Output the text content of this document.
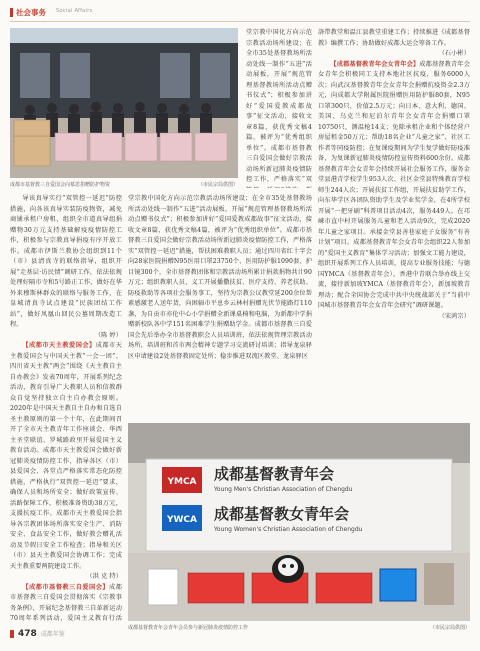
社会事务 Social Affairs
成都市基督教三自爱国会向慕思捐赠防护物资	（市民宗局供图）

导该真导实行“双管控一延迟”防控措施，向各该真导实装防疫物资，减免商铺承租户房租，组织全市道真导组捐赠物30万元支持基础解疫疫情防控工作，积极参与宗教真导捐疫有序开放工作。成都市伊斯兰教协会组织到11个（市）县清真寺的联络指导，组织开展“走基层·访民情”调研工作，依法依规处理好隔市寺和5号路正工作，做好在华外来穆斯林群众的联络与服务工作，在皇城清真寺试点建设“民族团结工作站”，做好凤凰山回民公墓周期改造工程。

（陈 婷）

【成都市天主教爱国会】成都市天主教爱国会与中国天主教“一会一团”、四川省天主教“两会”围绕《天主教自主自办教会》发表70周年，开展系列纪念活动，教育引导广大教职人员和信教群众自觉坚持独立自主自办教会原则。2020年是中国天主教自主自办和自选自圣主教原则的第一个十年，在此期间召开了全市天主教青年工作座谈会、华西主圣堂联谊、罗城路政里开展爱国主义教育活动。成都市天主教爱国会做好新冠肺炎疫情防控工作，指导各区（市）县爱国会、各堂点严格落实常态化防控措施，严格执行“双管控一延迟”要求，确保人员和场所安全；做好政策宣传、活路保障工作，积极准备资助38万元，支援抗疫工作。成都市天主教爱国会指导各宗教团体场所落实安全生产、消防安全、食品安全工作，做好教会赠礼活动及节假日安全工作检查；指导和关区（市）县天主教爱国会协调工作；完成天主教重要两院建设工作。

（洪 克 特）

【成都市基督教三自爱国会】成都市基督教三自爱国会贯彻落实《宗教事务条例》，开展纪念基督教三自革新运动70周年系列活动，爱国主义教育行活

堂宗教中国化方向示范宗教活动场所建设；在全市35处基督教场所活动处线一制作“五进”活动展板，开展“规范管理基督教场所活动点赠书仪式”；积极参加讲好“爱国爱教成都故事”征文活动，接收文章8篇，获优秀文稿4篇，被评为“优秀组织单位”。成都市基督教三自爱国会做好宗教活动场所新冠肺炎疫情防控工作，严格落实“双

堂宗教中国化方向示范宗教活动场所建设；在全市35处基督教场所活动处线一制作“五进”活动展板，开展“规范管理基督教场所活动点赠书仪式”；积极参加讲好“爱国爱教成都故事”征文活动，接收文章8篇，获优秀文稿4篇，被评为“优秀组织单位”。成都市基督教三自爱国会做好宗教活动场所新冠肺炎疫情防控工作，严格落实“双管控一延迟”措施，帮扶困难教职人员；通过四川省红十字会向28家医院捐赠N95医用口罩23750个、医用防护服1090套、护目镜300个，全市基督教团体和宗教活动场所累计捐款捐物共计90万元；组织教职人员、义工开展播撒扶贫、医疗支持、养老扶助、防疫救助等各项社会服务事工，坚持为宗教公议教堂延200余位帮素感激老人送年货，向困辐市平息乡云林村捐赠光伏节能路灯110盏，为自贡市亦伦中心小学捐赠全新课桌椅和电脑，为新都中学捐赠新校队各中学151名困难学生捐赠助学金。成都市基督教三自爱国会先后举办全市基督教职会人员培训班，依法依规管理宗教活动场所，培训班和首市两会精神专题学习交流研讨培训；指导龙泉驿区申请建设2处基督教固定处所；稳步推进双流区教堂、龙泉驿区

洛带教堂和温江县教堂重建工作；持续推进《成都基督教》编撰工作；协助做好成都大运会筹备工作。

（石小彬）

【成都基督教青年会女青年会】成都基督教青年会女青年会积极同工支持本地社区抗疫，服务6000人次；向武汉基督教青年会女青年会捐赠抗疫资金2.3万元，向成都大学附属医院捐赠医用防护服80套，N95口罩300只，价值2.5万元；向日本、意大利、德国、美国、乌克兰和尼泊尔青年会女青年会捐赠口罩10750只，测温枪14支；免除承租企业和个体经营户房屋租金50万元；帮助18名企业“儿童之家”、社区工作者等同疫防控；在复课疫期间为学生复学做好防疫准备，为复课新冠肺炎疫情防控宣传资料600余份。成都基督教青年会女青年会持续开展社会服务工作，服务金堂县港青学校学生953人次、社区金堂县特殊教育学校师生244人次；开展扶贫工作组，开展扶贫助学工作，向东华学区各团队资助学生及学业奖学金，在4所学校开展“一把牙刷”科普项目活动4次，服务449人。在邛崃市直中村开展服务儿童和老人活动9次，完成2020年儿童之家项目。承接金堂县善巷家庭子女服务“有善计划”项目。成都基督教青年会女青年会组织22人参加的“爱国主义教育”集体学习活动；加强文工能力建设，组织开展系列工作人员培训，提高专业服务技能；与德国YMCA（基督教青年会），香港中青联合举办线上交流，接待新加坡YMCA（基督教青年会），新加坡教青理动；配合全国协会完成中共中央统战部关于“当前中国城市基督教青年会女青年会研究”调研课题。

（宋鸿宗）
YMCA 成都基督教青年会
Young Men's Christian Association of Chengdu
YWCA 成都基督教女青年会
Young Women's Christian Association of Chengdu
成都基督教青年会青年会员参与新冠肺炎疫情防控工作	（市民宗局供图）
478 成都年鉴
